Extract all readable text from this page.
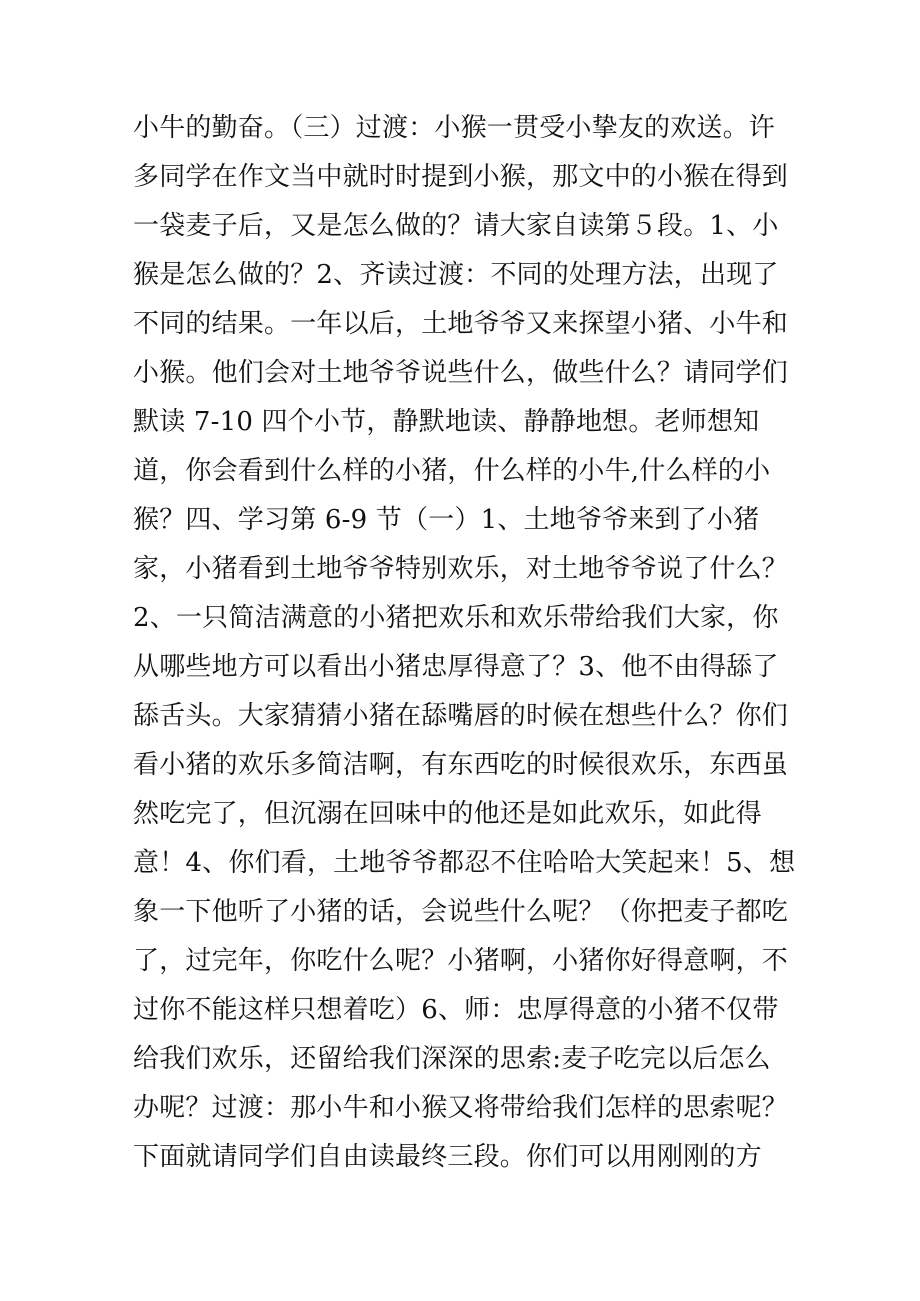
小牛的勤奋。（三）过渡：小猴一贯受小挚友的欢送。许
多同学在作文当中就时时提到小猴，那文中的小猴在得到
一袋麦子后，又是怎么做的？请大家自读第５段。1、小
猴是怎么做的？2、齐读过渡：不同的处理方法，出现了
不同的结果。一年以后，土地爷爷又来探望小猪、小牛和
小猴。他们会对土地爷爷说些什么，做些什么？请同学们
默读 7-10 四个小节，静默地读、静静地想。老师想知
道，你会看到什么样的小猪，什么样的小牛,什么样的小
猴？四、学习第 6-9 节（一）1、土地爷爷来到了小猪
家，小猪看到土地爷爷特别欢乐，对土地爷爷说了什么？
2、一只简洁满意的小猪把欢乐和欢乐带给我们大家，你
从哪些地方可以看出小猪忠厚得意了？3、他不由得舔了
舔舌头。大家猜猜小猪在舔嘴唇的时候在想些什么？你们
看小猪的欢乐多简洁啊，有东西吃的时候很欢乐，东西虽
然吃完了，但沉溺在回味中的他还是如此欢乐，如此得
意！4、你们看，土地爷爷都忍不住哈哈大笑起来！5、想
象一下他听了小猪的话，会说些什么呢？（你把麦子都吃
了，过完年，你吃什么呢？小猪啊，小猪你好得意啊，不
过你不能这样只想着吃）6、师：忠厚得意的小猪不仅带
给我们欢乐，还留给我们深深的思索:麦子吃完以后怎么
办呢？过渡：那小牛和小猴又将带给我们怎样的思索呢？
下面就请同学们自由读最终三段。你们可以用刚刚的方
